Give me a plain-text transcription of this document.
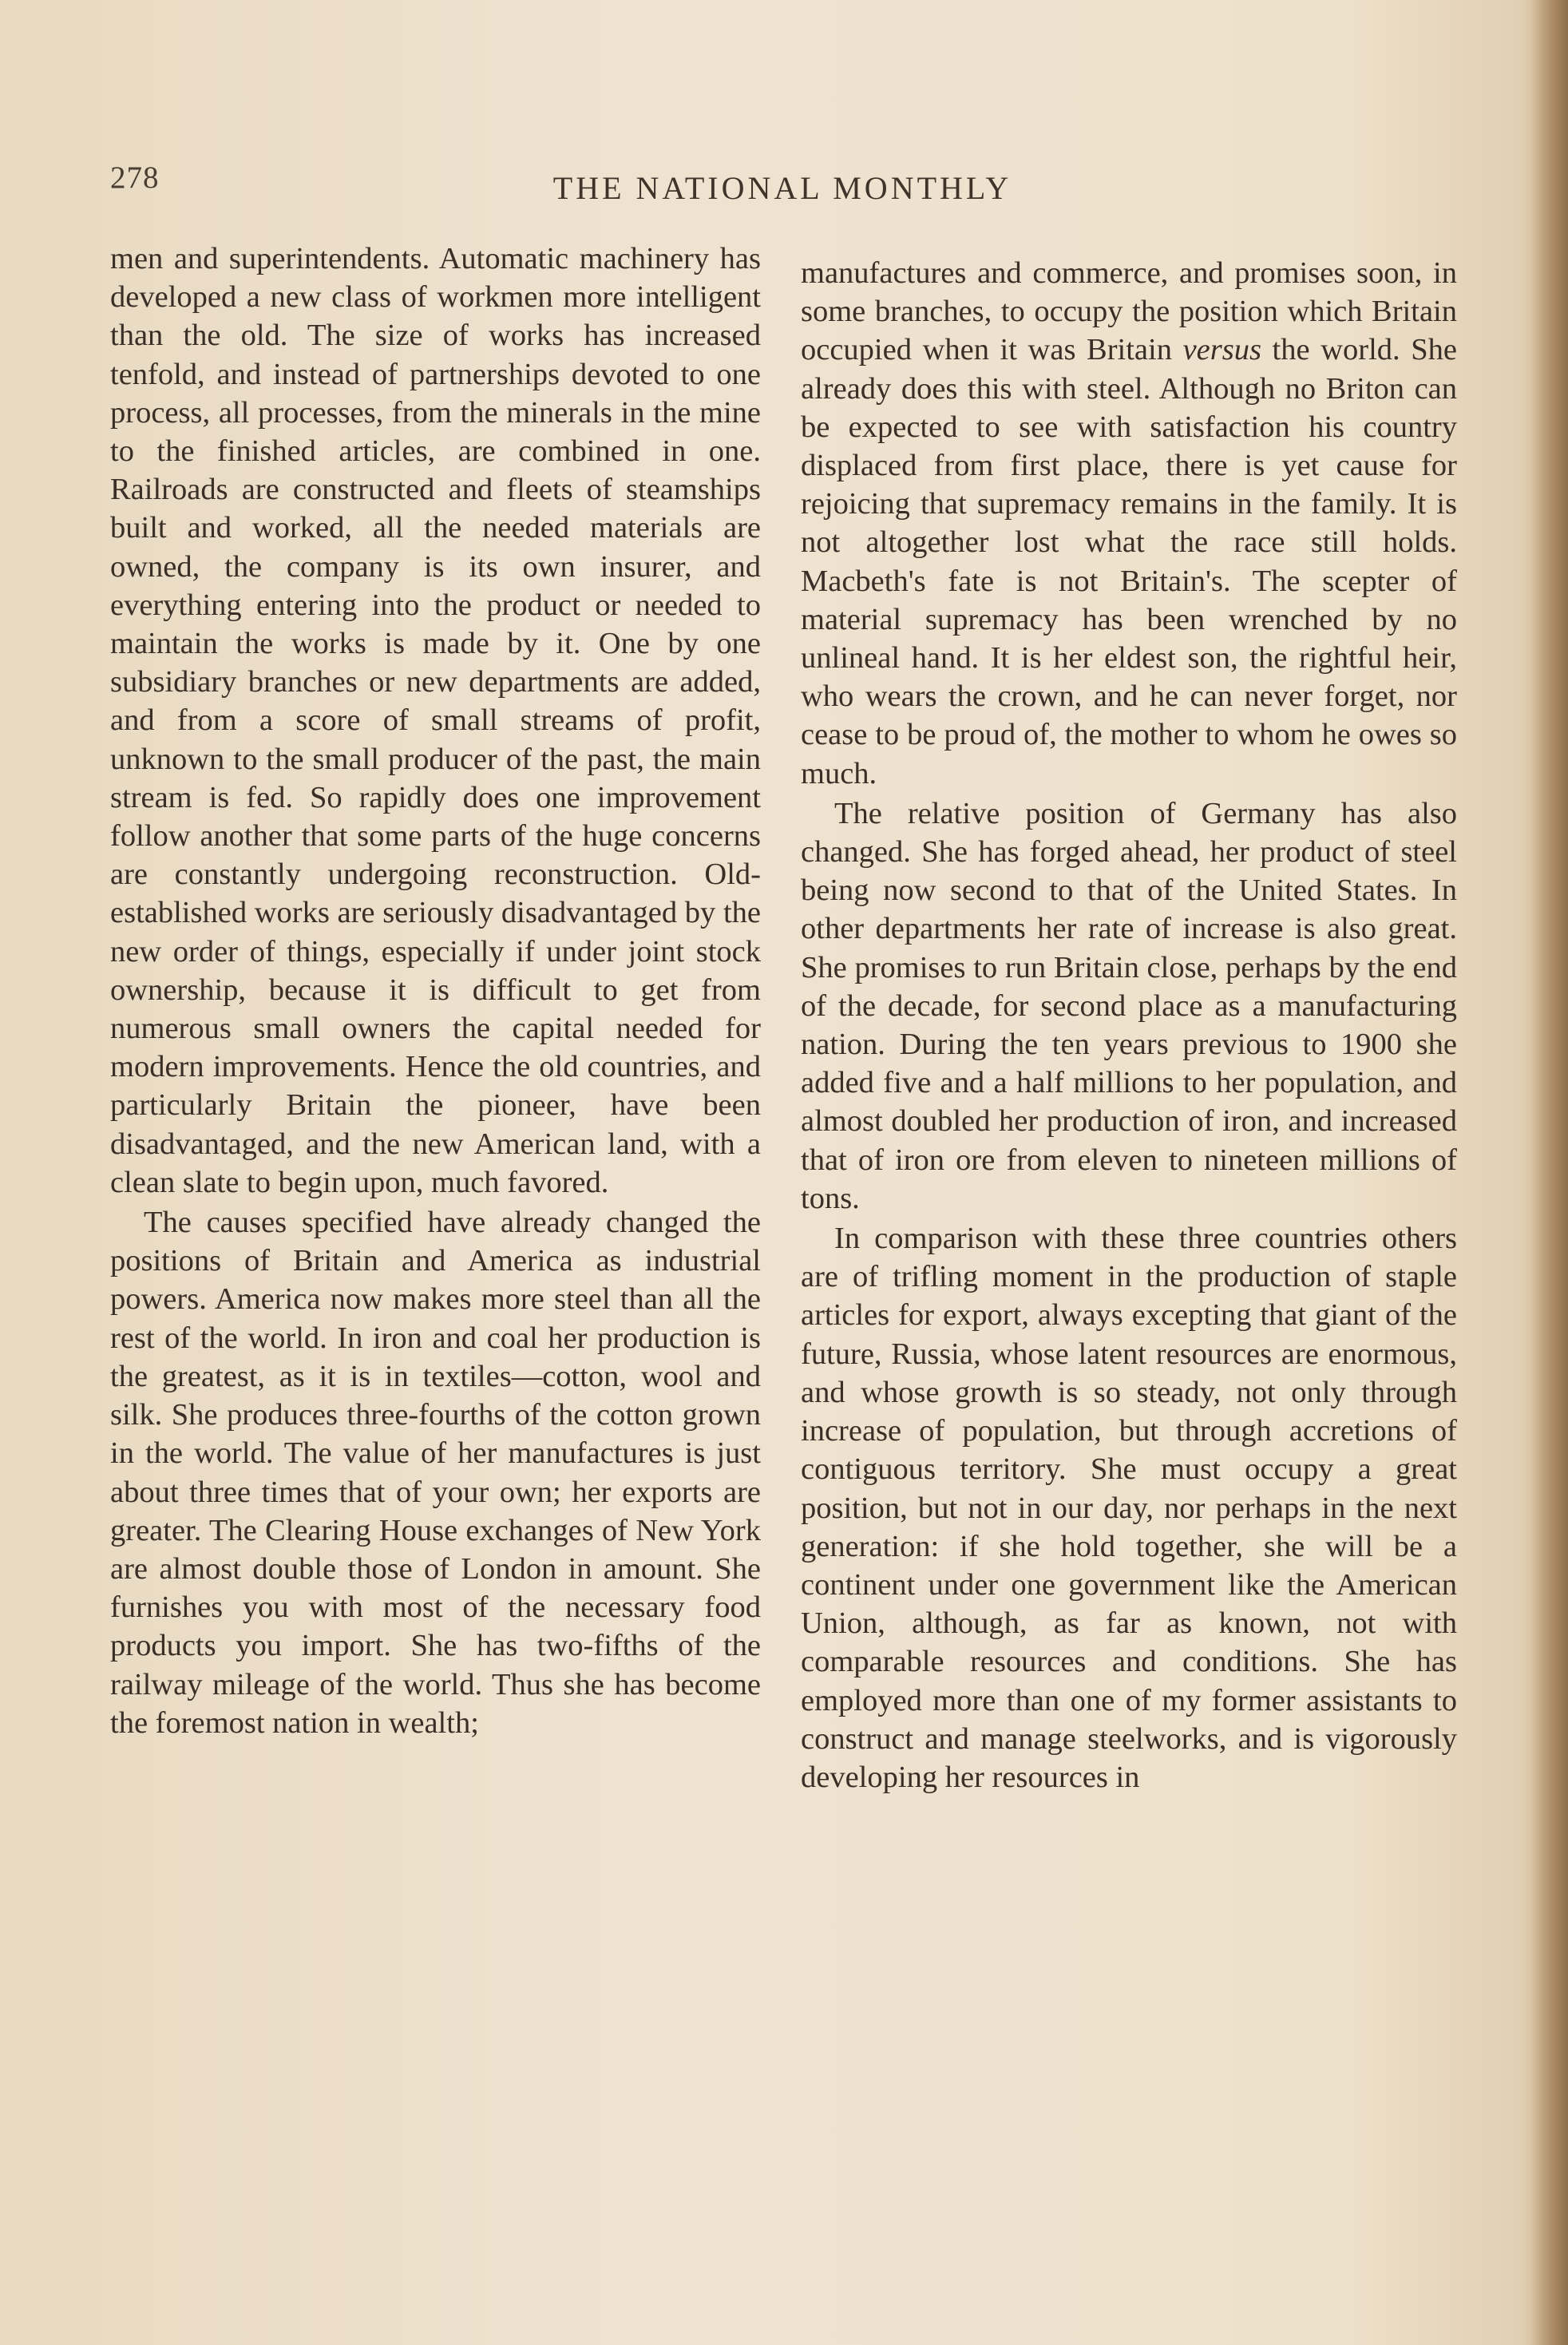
278	THE NATIONAL MONTHLY

men and superintendents. Automatic machinery has developed a new class of workmen more intelligent than the old. The size of works has increased tenfold, and instead of partnerships devoted to one process, all processes, from the minerals in the mine to the finished articles, are combined in one. Railroads are constructed and fleets of steamships built and worked, all the needed materials are owned, the company is its own insurer, and everything entering into the product or needed to maintain the works is made by it. One by one subsidiary branches or new departments are added, and from a score of small streams of profit, unknown to the small producer of the past, the main stream is fed. So rapidly does one improvement follow another that some parts of the huge concerns are constantly undergoing reconstruction. Old-established works are seriously disadvantaged by the new order of things, especially if under joint stock ownership, because it is difficult to get from numerous small owners the capital needed for modern improvements. Hence the old countries, and particularly Britain the pioneer, have been disadvantaged, and the new American land, with a clean slate to begin upon, much favored.

The causes specified have already changed the positions of Britain and America as industrial powers. America now makes more steel than all the rest of the world. In iron and coal her production is the greatest, as it is in textiles—cotton, wool and silk. She produces three-fourths of the cotton grown in the world. The value of her manufactures is just about three times that of your own; her exports are greater. The Clearing House exchanges of New York are almost double those of London in amount. She furnishes you with most of the necessary food products you import. She has two-fifths of the railway mileage of the world. Thus she has become the foremost nation in wealth;

manufactures and commerce, and promises soon, in some branches, to occupy the position which Britain occupied when it was Britain versus the world. She already does this with steel. Although no Briton can be expected to see with satisfaction his country displaced from first place, there is yet cause for rejoicing that supremacy remains in the family. It is not altogether lost what the race still holds. Macbeth's fate is not Britain's. The scepter of material supremacy has been wrenched by no unlineal hand. It is her eldest son, the rightful heir, who wears the crown, and he can never forget, nor cease to be proud of, the mother to whom he owes so much.

The relative position of Germany has also changed. She has forged ahead, her product of steel being now second to that of the United States. In other departments her rate of increase is also great. She promises to run Britain close, perhaps by the end of the decade, for second place as a manufacturing nation. During the ten years previous to 1900 she added five and a half millions to her population, and almost doubled her production of iron, and increased that of iron ore from eleven to nineteen millions of tons.

In comparison with these three countries others are of trifling moment in the production of staple articles for export, always excepting that giant of the future, Russia, whose latent resources are enormous, and whose growth is so steady, not only through increase of population, but through accretions of contiguous territory. She must occupy a great position, but not in our day, nor perhaps in the next generation: if she hold together, she will be a continent under one government like the American Union, although, as far as known, not with comparable resources and conditions. She has employed more than one of my former assistants to construct and manage steelworks, and is vigorously developing her resources in
